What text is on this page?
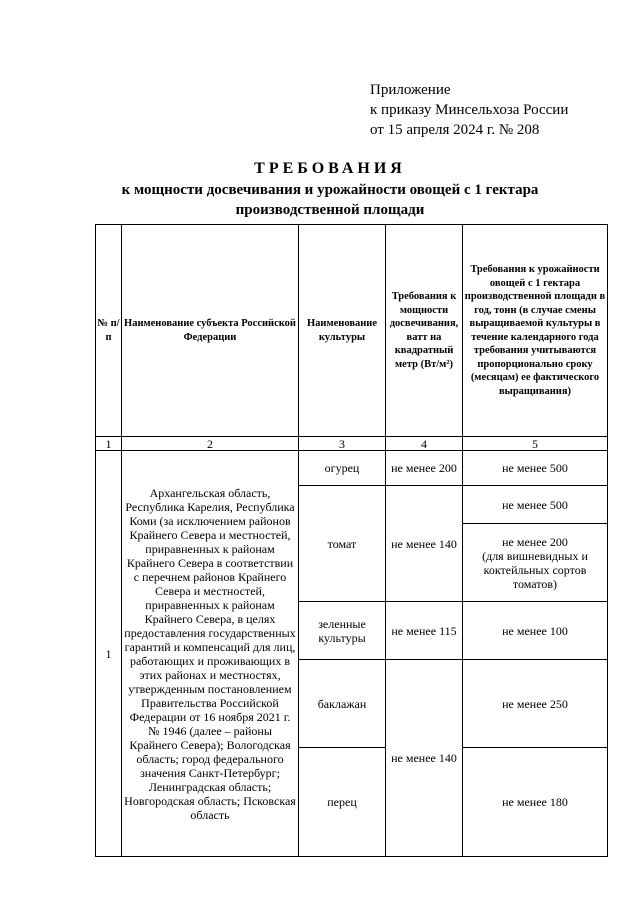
Приложение
к приказу Минсельхоза России
от 15 апреля 2024 г. № 208
ТРЕБОВАНИЯ
к мощности досвечивания и урожайности овощей с 1 гектара
производственной площади
№ п/п	Наименование субъекта Российской Федерации	Наименование культуры	Требования к мощности досвечивания, ватт на квадратный метр (Вт/м²)	Требования к урожайности овощей с 1 гектара производственной площади в год, тонн (в случае смены выращиваемой культуры в течение календарного года требования учитываются пропорционально сроку (месяцам) ее фактического выращивания)
1	2	3	4	5
1	Архангельская область, Республика Карелия, Республика Коми (за исключением районов Крайнего Севера и местностей, приравненных к районам Крайнего Севера в соответствии с перечнем районов Крайнего Севера и местностей, приравненных к районам Крайнего Севера, в целях предоставления государственных гарантий и компенсаций для лиц, работающих и проживающих в этих районах и местностях, утвержденным постановлением Правительства Российской Федерации от 16 ноября 2021 г. № 1946 (далее – районы Крайнего Севера); Вологодская область; город федерального значения Санкт-Петербург; Ленинградская область; Новгородская область; Псковская область	огурец	не менее 200	не менее 500
		томат	не менее 140	не менее 500

				не менее 200
(для вишневидных и коктейльных сортов томатов)

		зеленные культуры	не менее 115	не менее 100
		баклажан	не менее 140	не менее 250

		перец		не менее 180
